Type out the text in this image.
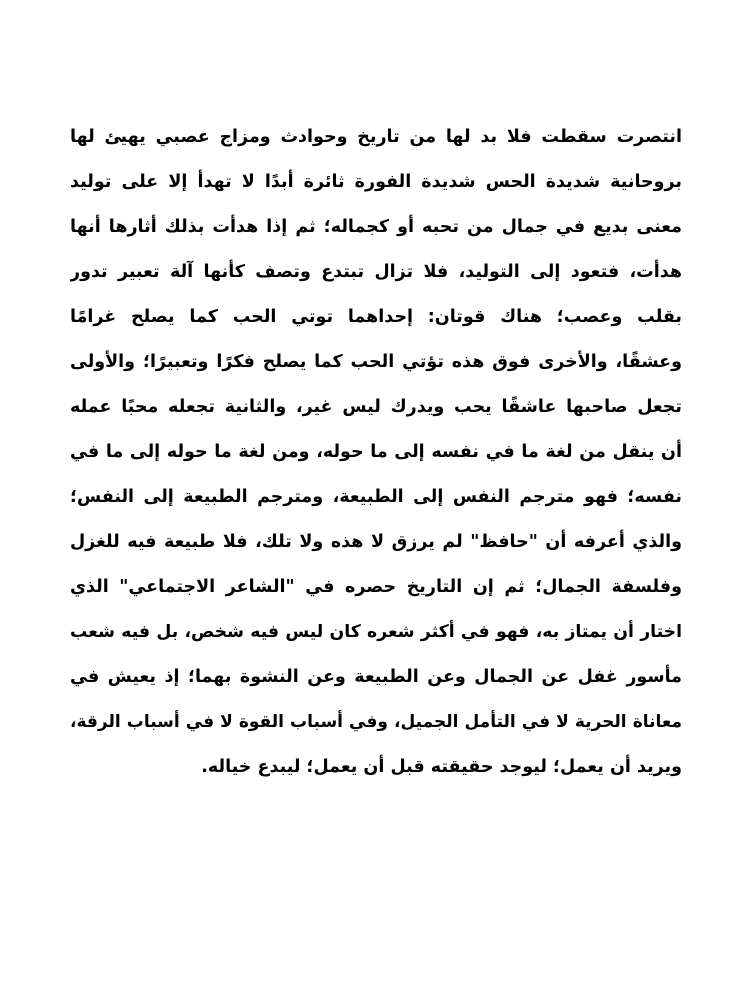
انتصرت سقطت فلا بد لها من تاريخ وحوادث ومزاج عصبي يهيئ لها
بروحانية شديدة الحس شديدة الفورة ثائرة أبدًا لا تهدأ إلا على توليد
معنى بديع في جمال من تحبه أو كجماله؛ ثم إذا هدأت بذلك أثارها أنها
هدأت، فتعود إلى التوليد، فلا تزال تبتدع وتصف كأنها آلة تعبير تدور
بقلب وعصب؛ هناك قوتان: إحداهما توتي الحب كما يصلح غرامًا
وعشقًا، والأخرى فوق هذه تؤتي الحب كما يصلح فكرًا وتعبيرًا؛ والأولى
تجعل صاحبها عاشقًا يحب ويدرك ليس غير، والثانية تجعله محبًا عمله
أن ينقل من لغة ما في نفسه إلى ما حوله، ومن لغة ما حوله إلى ما في
نفسه؛ فهو مترجم النفس إلى الطبيعة، ومترجم الطبيعة إلى النفس؛
والذي أعرفه أن "حافظ" لم يرزق لا هذه ولا تلك، فلا طبيعة فيه للغزل
وفلسفة الجمال؛ ثم إن التاريخ حصره في "الشاعر الاجتماعي" الذي
اختار أن يمتاز به، فهو في أكثر شعره كان ليس فيه شخص، بل فيه شعب
مأسور غفل عن الجمال وعن الطبيعة وعن النشوة بهما؛ إذ يعيش في
معاناة الحرية لا في التأمل الجميل، وفي أسباب القوة لا في أسباب الرقة،
ويريد أن يعمل؛ ليوجد حقيقته قبل أن يعمل؛ ليبدع خياله.
